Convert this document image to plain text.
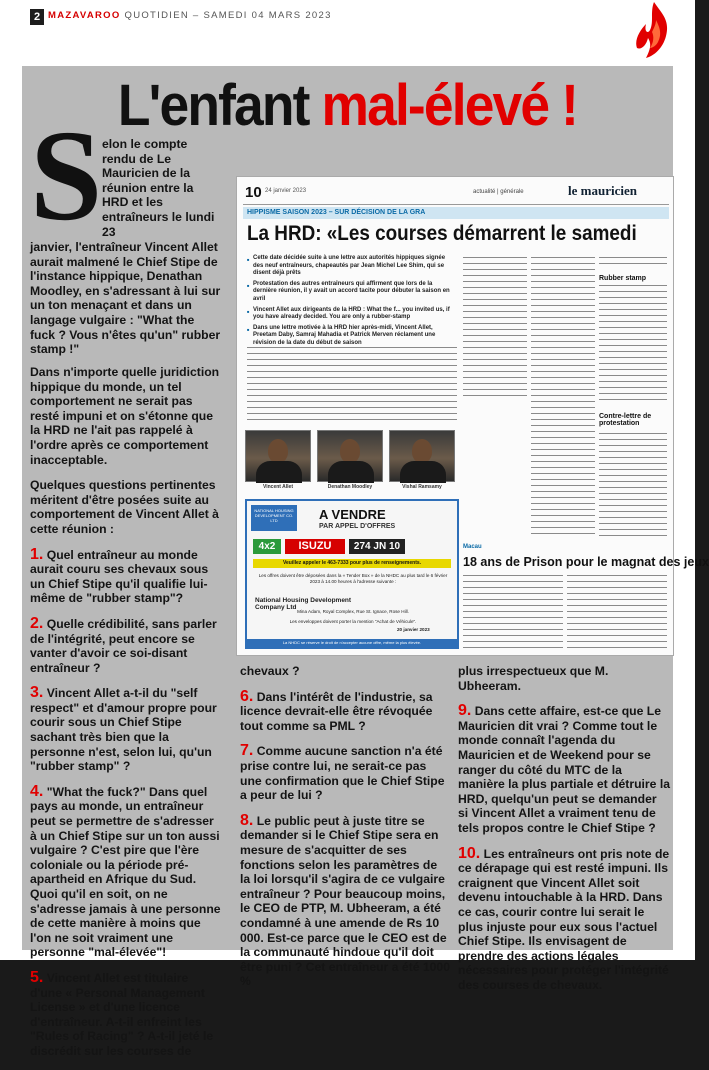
2 MAZAVAROO QUOTIDIEN – SAMEDI 04 MARS 2023
L'enfant mal-élevé !
S elon le compte rendu de Le Mauricien de la réunion entre la HRD et les entraîneurs le lundi 23
janvier, l'entraîneur Vincent Allet aurait malmené le Chief Stipe de l'instance hippique, Denathan Moodley, en s'adressant à lui sur un ton menaçant et dans un langage vulgaire : "What the fuck ? Vous n'êtes qu'un" rubber stamp !"

Dans n'importe quelle juridiction hippique du monde, un tel comportement ne serait pas resté impuni et on s'étonne que la HRD ne l'ait pas rappelé à l'ordre après ce comportement inacceptable.

Quelques questions pertinentes méritent d'être posées suite au comportement de Vincent Allet à cette réunion :

1. Quel entraîneur au monde aurait couru ses chevaux sous un Chief Stipe qu'il qualifie lui-même de "rubber stamp"?

2. Quelle crédibilité, sans parler de l'intégrité, peut encore se vanter d'avoir ce soi-disant entraîneur ?

3. Vincent Allet a-t-il du "self respect" et d'amour propre pour courir sous un Chief Stipe sachant très bien que la personne n'est, selon lui, qu'un "rubber stamp" ?

4. "What the fuck?" Dans quel pays au monde, un entraîneur peut se permettre de s'adresser à un Chief Stipe sur un ton aussi vulgaire ? C'est pire que l'ère coloniale ou la période pré-apartheid en Afrique du Sud. Quoi qu'il en soit, on ne s'adresse jamais à une personne de cette manière à moins que l'on ne soit vraiment une personne "mal-élevée"!

5. Vincent Allet est titulaire d'une « Personal Management License » et d'une licence d'entraîneur. A-t-il enfreint les "Rules of Racing" ? A-t-il jeté le discrédit sur les courses de

chevaux ?

6. Dans l'intérêt de l'industrie, sa licence devrait-elle être révoquée tout comme sa PML ?

7. Comme aucune sanction n'a été prise contre lui, ne serait-ce pas une confirmation que le Chief Stipe a peur de lui ?

8. Le public peut à juste titre se demander si le Chief Stipe sera en mesure de s'acquitter de ses fonctions selon les paramètres de la loi lorsqu'il s'agira de ce vulgaire entraîneur ? Pour beaucoup moins, le CEO de PTP, M. Ubheeram, a été condamné à une amende de Rs 10 000. Est-ce parce que le CEO est de la communauté hindoue qu'il doit être puni ? Cet entraîneur a été 1000 %

plus irrespectueux que M. Ubheeram.

9. Dans cette affaire, est-ce que Le Mauricien dit vrai ? Comme tout le monde connaît l'agenda du Mauricien et de Weekend pour se ranger du côté du MTC de la manière la plus partiale et détruire la HRD, quelqu'un peut se demander si Vincent Allet a vraiment tenu de tels propos contre le Chief Stipe ?

10. Les entraîneurs ont pris note de ce dérapage qui est resté impuni. Ils craignent que Vincent Allet soit devenu intouchable à la HRD. Dans ce cas, courir contre lui serait le plus injuste pour eux sous l'actuel Chief Stipe. Ils envisagent de prendre des actions légales nécessaires pour protéger l'intégrité des courses de chevaux.

10 24 janvier 2023	actualité | générale	le mauricien
HIPPISME SAISON 2023 – SUR DÉCISION DE LA GRA
La HRD: «Les courses démarrent le samedi
■ Cette date décidée suite à une lettre aux autorités hippiques signée des neuf entraîneurs, chapeautés par Jean Michel Lee Shim, qui se disent déjà prêts
■ Protestation des autres entraîneurs qui affirment que lors de la dernière réunion, il y avait un accord tacite pour débuter la saison en avril
■ Vincent Allet aux dirigeants de la HRD : What the f... you invited us, if you have already decided. You are only a rubber-stamp
■ Dans une lettre motivée à la HRD hier après-midi, Vincent Allet, Preetam Daby, Samraj Mahadia et Patrick Merven réclament une révision de la date du début de saison
Rubber stamp
Contre-lettre de protestation
Vincent Allet	Denathan Moodley	Vishal Ramsamy
NATIONAL HOUSING DEVELOPMENT CO. LTD	A VENDRE
PAR APPEL D'OFFRES
4x2	ISUZU	274 JN 10
Veuillez appeler le 463-7333 pour plus de renseignements.
Les offres doivent être déposées dans la « Tender Box » de la NHDC au plus tard le 6 février 2023 à 14.00 heures à l'adresse suivante :
National Housing Development Company Ltd
Mina Adam, Royal Complex, Rue St. Ignace, Rose Hill.
Les enveloppes doivent porter la mention "Achat de Véhicule".
20 janvier 2023
La NHDC se réserve le droit de n'accepter aucune offre, même la plus élevée.
Macau
18 ans de Prison pour le magnat des jeux
